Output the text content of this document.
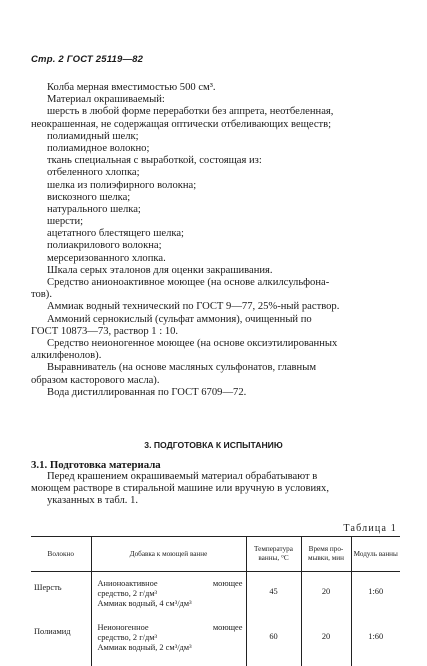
Стр. 2 ГОСТ 25119—82
Колба мерная вместимостью 500 см³.
Материал окрашиваемый:
шерсть в любой форме переработки без аппрета, неотбеленная,
неокрашенная, не содержащая оптически отбеливающих веществ;
полиамидный шелк;
полиамидное волокно;
ткань специальная с выработкой, состоящая из:
отбеленного хлопка;
шелка из полиэфирного волокна;
вискозного шелка;
натурального шелка;
шерсти;
ацетатного блестящего шелка;
полиакрилового волокна;
мерсеризованного хлопка.
Шкала серых эталонов для оценки закрашивания.
Средство анионоактивное моющее (на основе алкилсульфона-
тов).
Аммиак водный технический по ГОСТ 9—77, 25%-ный раствор.
Аммоний сернокислый (сульфат аммония), очищенный по
ГОСТ 10873—73, раствор 1 : 10.
Средство неионогенное моющее (на основе оксиэтилированных
алкилфенолов).
Выравниватель (на основе масляных сульфонатов, главным
образом касторового масла).
Вода дистиллированная по ГОСТ 6709—72.
3. ПОДГОТОВКА К ИСПЫТАНИЮ
3.1. Подготовка материала
Перед крашением окрашиваемый материал обрабатывают в
моющем растворе в стиральной машине или вручную в условиях,
указанных в табл. 1.
Таблица 1
Волокно	Добавка к моющей ванне	Температура ванны, °С	Время про- мывки, мин	Модуль ванны
Шерсть	Анионоактивное моющее
средство, 2 г/дм³
Аммиак водный, 4 см³/дм³	45	20	1:60
Полиамид	Неионогенное моющее
средство, 2 г/дм³
Аммиак водный, 2 см³/дм³	60	20	1:60
